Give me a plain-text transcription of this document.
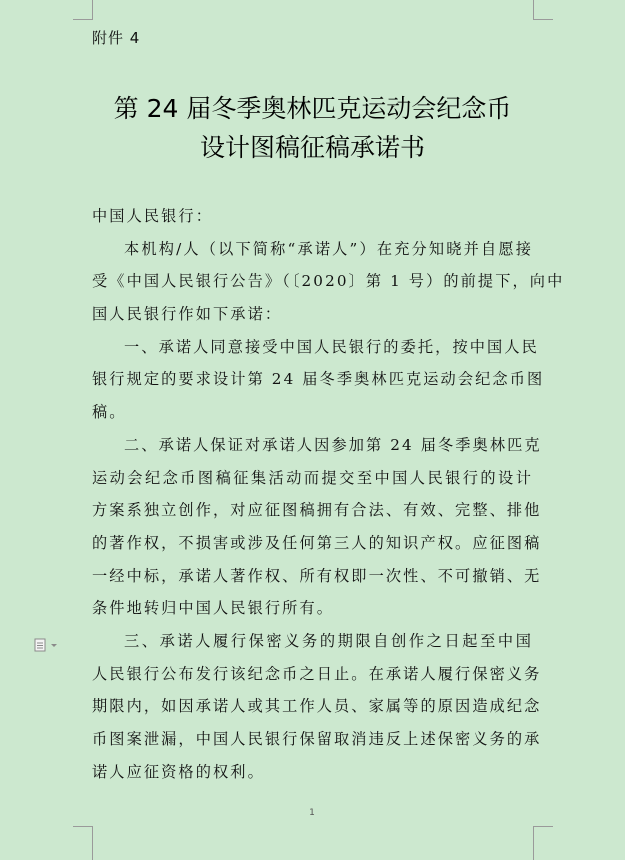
附件 4
第 24 届冬季奥林匹克运动会纪念币
设计图稿征稿承诺书
中国人民银行：
本机构/人（以下简称“承诺人”）在充分知晓并自愿接
受《中国人民银行公告》（〔2020〕第 1 号）的前提下，向中
国人民银行作如下承诺：
一、承诺人同意接受中国人民银行的委托，按中国人民
银行规定的要求设计第 24 届冬季奥林匹克运动会纪念币图
稿。
二、承诺人保证对承诺人因参加第 24 届冬季奥林匹克
运动会纪念币图稿征集活动而提交至中国人民银行的设计
方案系独立创作，对应征图稿拥有合法、有效、完整、排他
的著作权，不损害或涉及任何第三人的知识产权。应征图稿
一经中标，承诺人著作权、所有权即一次性、不可撤销、无
条件地转归中国人民银行所有。
三、承诺人履行保密义务的期限自创作之日起至中国
人民银行公布发行该纪念币之日止。在承诺人履行保密义务
期限内，如因承诺人或其工作人员、家属等的原因造成纪念
币图案泄漏，中国人民银行保留取消违反上述保密义务的承
诺人应征资格的权利。
1
